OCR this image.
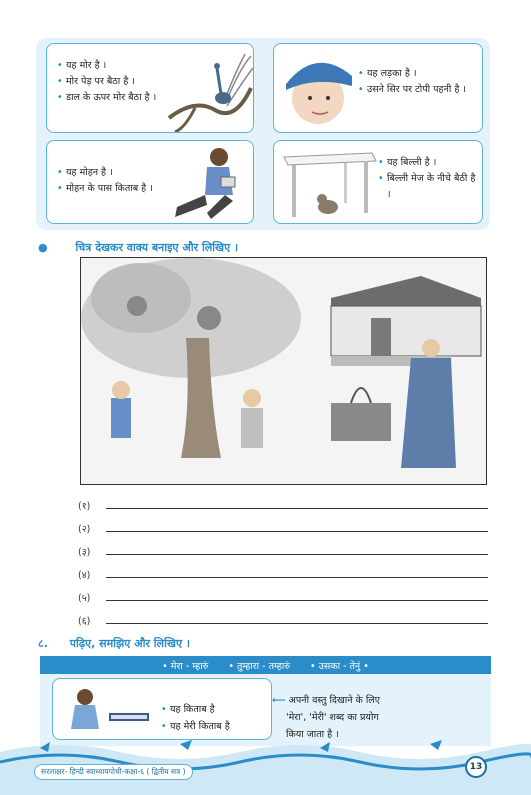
• यह मोर है ।
• मोर पेड़ पर बैठा है ।
• डाल के ऊपर मोर बैठा है ।
• यह लड़का है ।
• उसने सिर पर टोपी पहनी है ।
• यह मोहन है ।
• मोहन के पास किताब है ।
• यह बिल्ली है ।
• बिल्ली मेज के नीचे बैठी है ।
●	चित्र देखकर वाक्य बनाइए और लिखिए ।
(१)
(२)
(३)
(४)
(५)
(६)
८. पढ़िए, समझिए और लिखिए ।
• मेरा - म्हारुं • तुम्हारा - तम्हारुं • उसका - तेनुं •
• यह किताब है
• यह मेरी किताब है
⟵ अपनी वस्तु दिखाने के लिए
'मेरा', 'मेरी' शब्द का प्रयोग
किया जाता है ।
सरलाक्षर- हिन्दी स्वाध्यायपोथी-कक्षा-६ ( द्वितीय सत्र )	13
